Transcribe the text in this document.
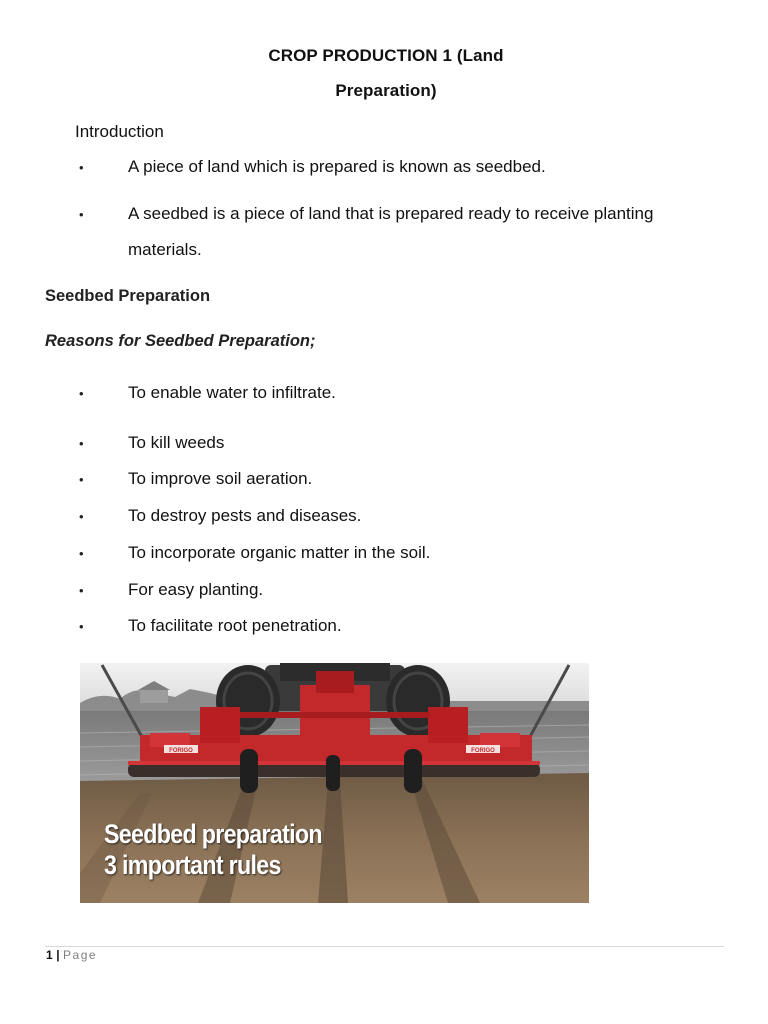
CROP PRODUCTION 1 (Land
Preparation)
Introduction
•	A piece of land which is prepared is known as seedbed.
•	A seedbed is a piece of land that is prepared ready to receive planting materials.
Seedbed Preparation
Reasons for Seedbed Preparation;
•	To enable water to infiltrate.
•	To kill weeds
•	To improve soil aeration.
•	To destroy pests and diseases.
•	To incorporate organic matter in the soil.
•	For easy planting.
•	To facilitate root penetration.
FORIGO	FORIGO
Seedbed preparation
3 important rules
1 | Page
